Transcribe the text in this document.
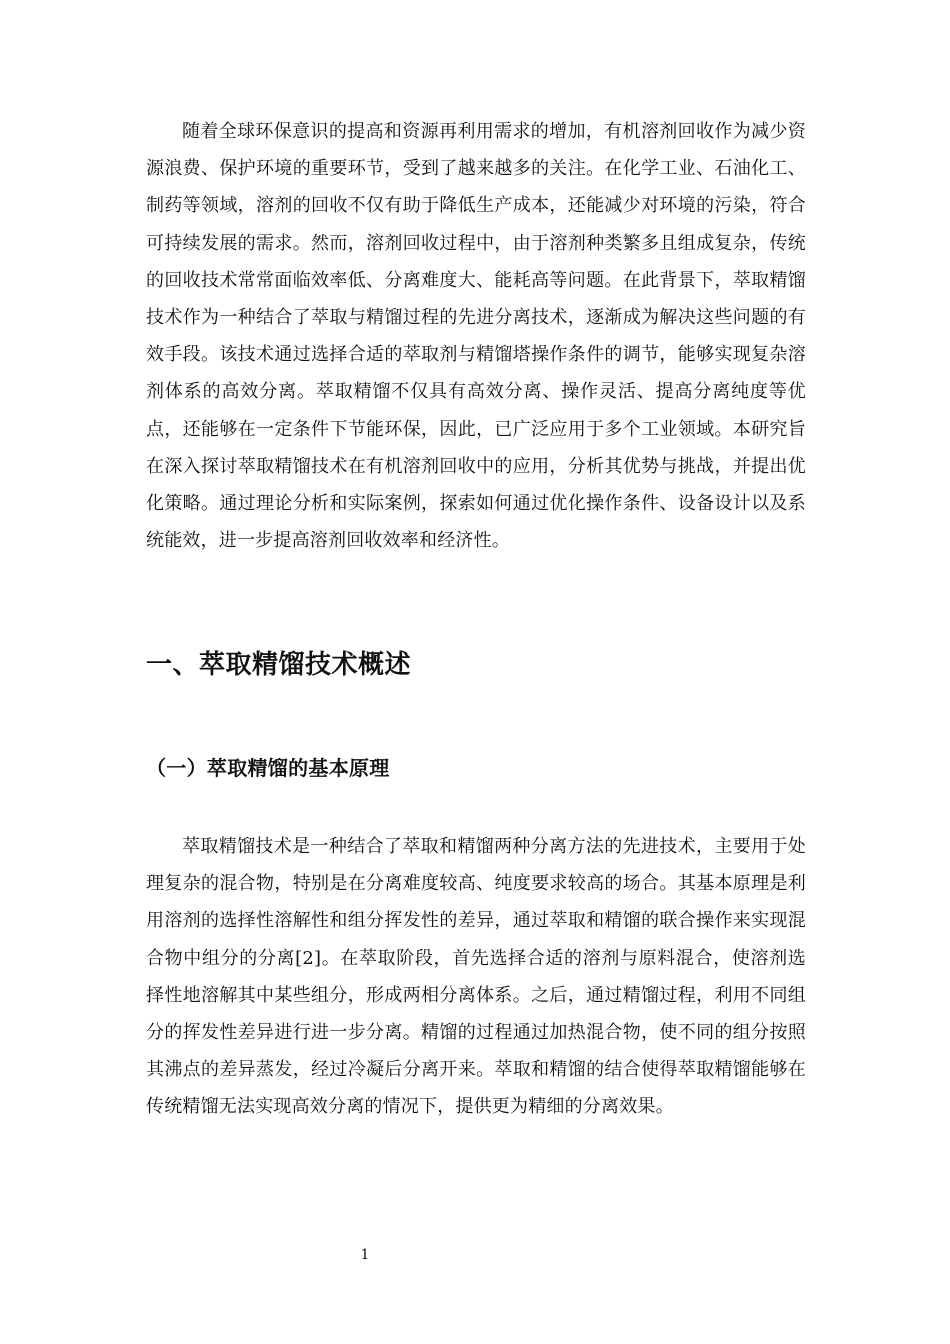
随着全球环保意识的提高和资源再利用需求的增加，有机溶剂回收作为减少资源浪费、保护环境的重要环节，受到了越来越多的关注。在化学工业、石油化工、制药等领域，溶剂的回收不仅有助于降低生产成本，还能减少对环境的污染，符合可持续发展的需求。然而，溶剂回收过程中，由于溶剂种类繁多且组成复杂，传统的回收技术常常面临效率低、分离难度大、能耗高等问题。在此背景下，萃取精馏技术作为一种结合了萃取与精馏过程的先进分离技术，逐渐成为解决这些问题的有效手段。该技术通过选择合适的萃取剂与精馏塔操作条件的调节，能够实现复杂溶剂体系的高效分离。萃取精馏不仅具有高效分离、操作灵活、提高分离纯度等优点，还能够在一定条件下节能环保，因此，已广泛应用于多个工业领域。本研究旨在深入探讨萃取精馏技术在有机溶剂回收中的应用，分析其优势与挑战，并提出优化策略。通过理论分析和实际案例，探索如何通过优化操作条件、设备设计以及系统能效，进一步提高溶剂回收效率和经济性。

一、萃取精馏技术概述
（一）萃取精馏的基本原理

萃取精馏技术是一种结合了萃取和精馏两种分离方法的先进技术，主要用于处理复杂的混合物，特别是在分离难度较高、纯度要求较高的场合。其基本原理是利用溶剂的选择性溶解性和组分挥发性的差异，通过萃取和精馏的联合操作来实现混合物中组分的分离[2]。在萃取阶段，首先选择合适的溶剂与原料混合，使溶剂选择性地溶解其中某些组分，形成两相分离体系。之后，通过精馏过程，利用不同组分的挥发性差异进行进一步分离。精馏的过程通过加热混合物，使不同的组分按照其沸点的差异蒸发，经过冷凝后分离开来。萃取和精馏的结合使得萃取精馏能够在传统精馏无法实现高效分离的情况下，提供更为精细的分离效果。

1
